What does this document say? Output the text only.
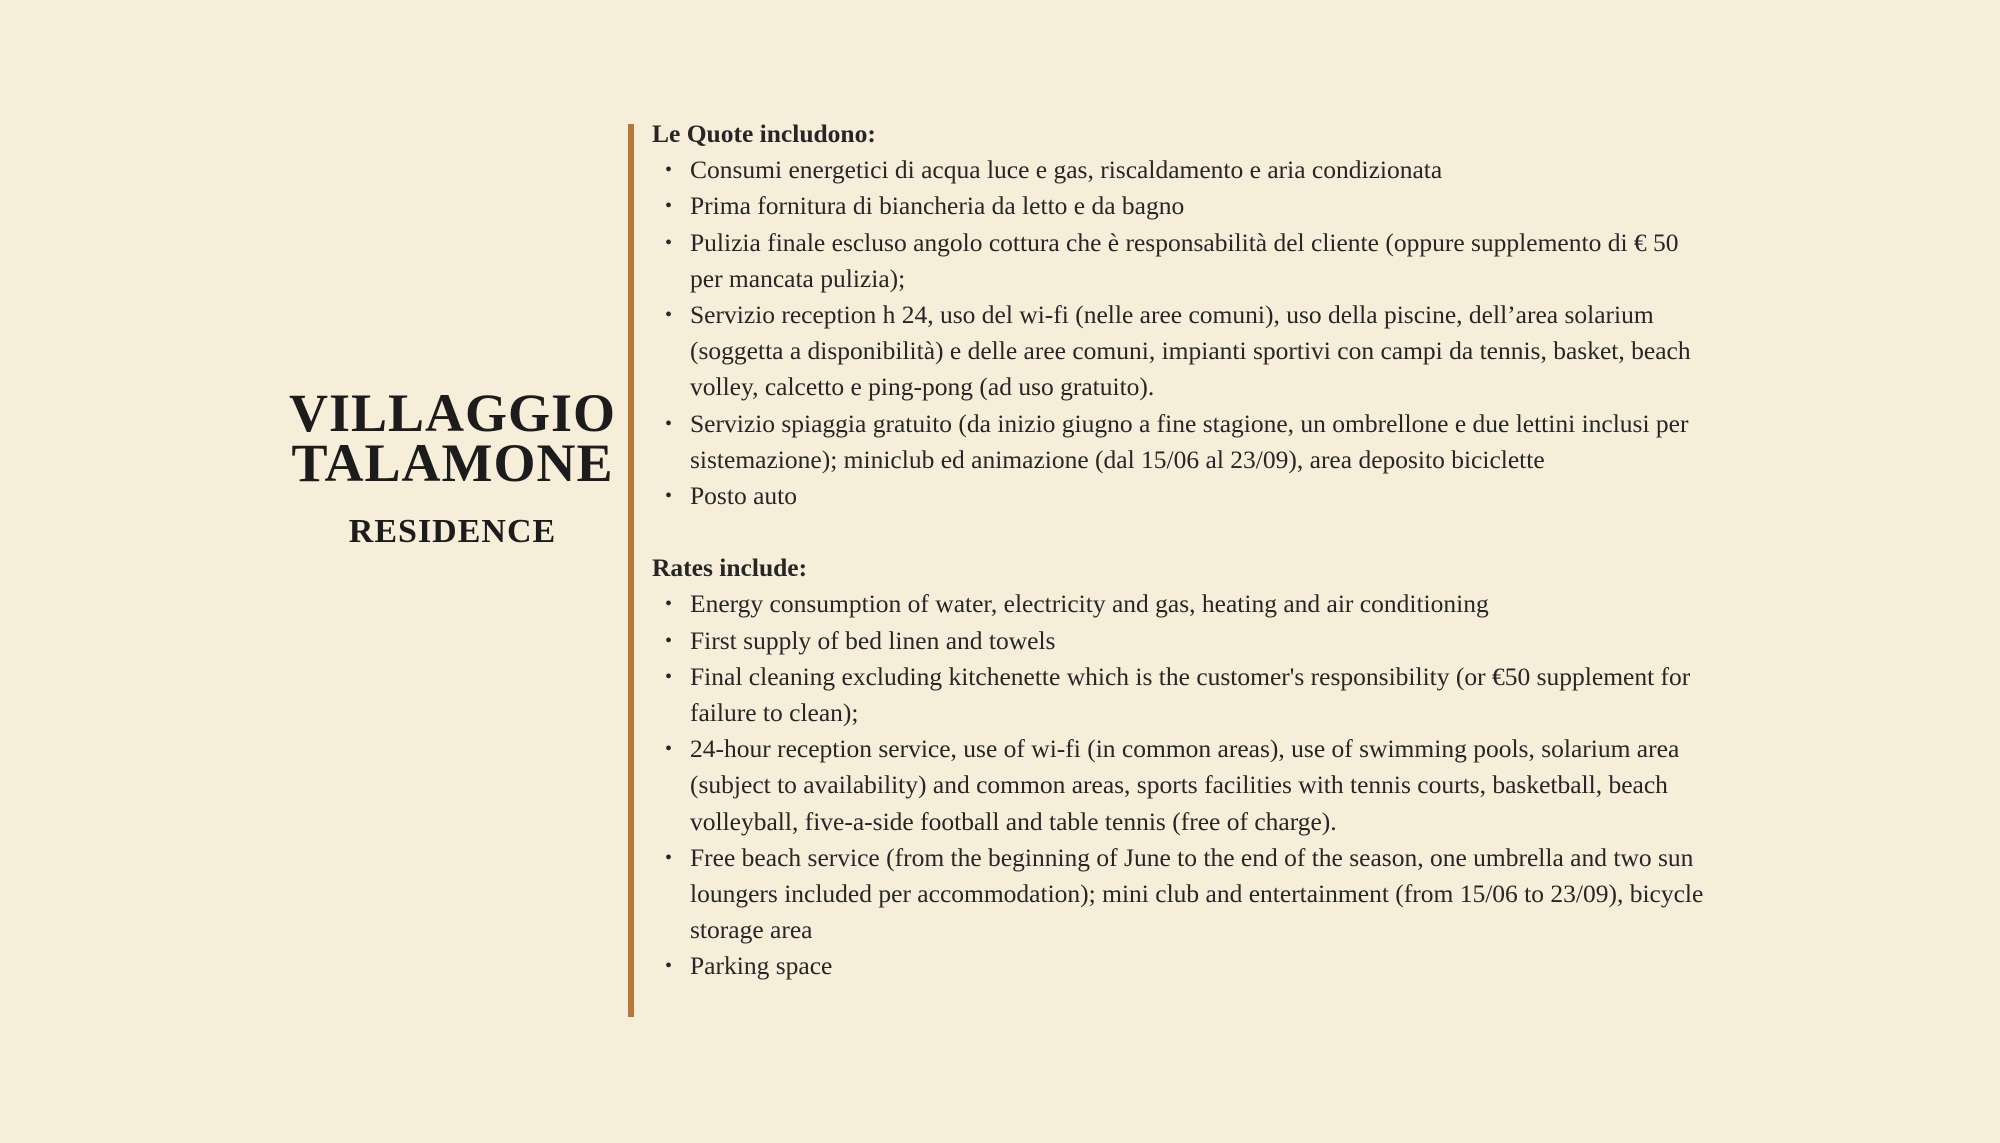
VILLAGGIO
TALAMONE
RESIDENCE

Le Quote includono:

• Consumi energetici di acqua luce e gas, riscaldamento e aria condizionata
• Prima fornitura di biancheria da letto e da bagno
• Pulizia finale escluso angolo cottura che è responsabilità del cliente (oppure supplemento di € 50 per mancata pulizia);
• Servizio reception h 24, uso del wi-fi (nelle aree comuni), uso della piscine, dell’area solarium (soggetta a disponibilità) e delle aree comuni, impianti sportivi con campi da tennis, basket, beach volley, calcetto e ping-pong (ad uso gratuito).
• Servizio spiaggia gratuito (da inizio giugno a fine stagione, un ombrellone e due lettini inclusi per sistemazione); miniclub ed animazione (dal 15/06 al 23/09), area deposito biciclette
• Posto auto

Rates include:

• Energy consumption of water, electricity and gas, heating and air conditioning
• First supply of bed linen and towels
• Final cleaning excluding kitchenette which is the customer's responsibility (or €50 supplement for failure to clean);
• 24-hour reception service, use of wi-fi (in common areas), use of swimming pools, solarium area (subject to availability) and common areas, sports facilities with tennis courts, basketball, beach volleyball, five-a-side football and table tennis (free of charge).
• Free beach service (from the beginning of June to the end of the season, one umbrella and two sun loungers included per accommodation); mini club and entertainment (from 15/06 to 23/09), bicycle storage area
• Parking space
